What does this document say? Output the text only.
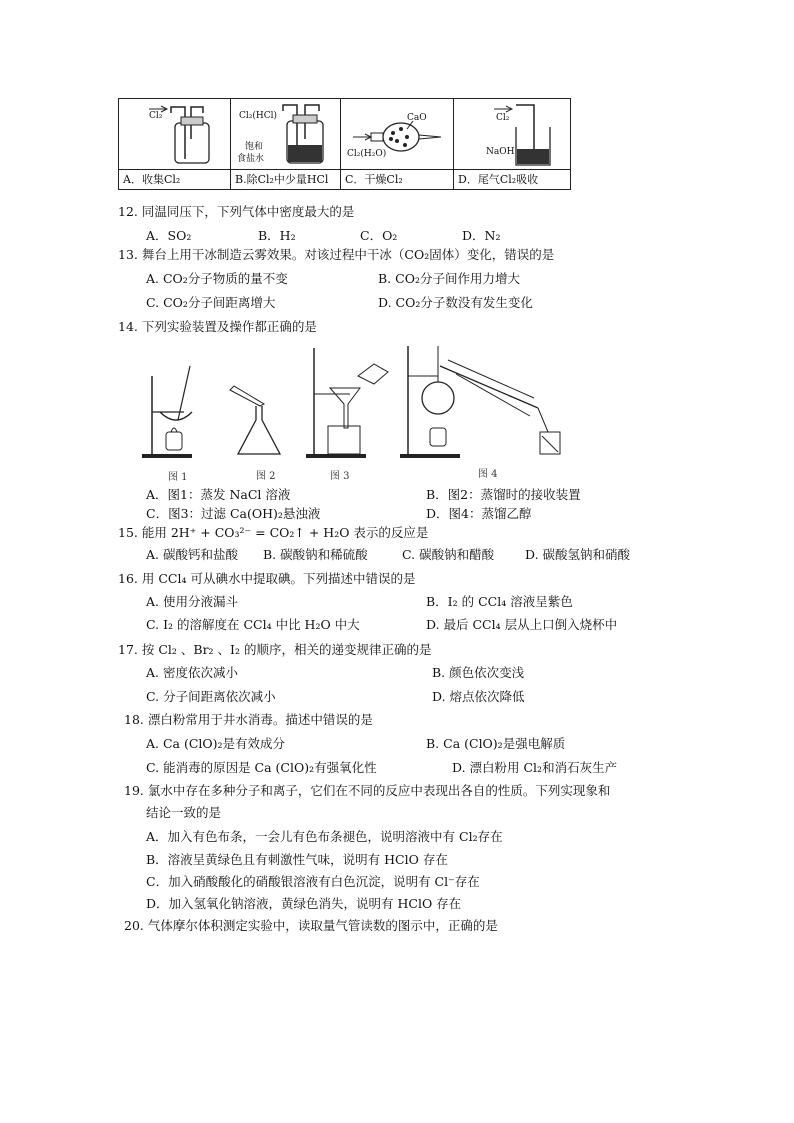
Cl₂
A．收集Cl₂
Cl₂(HCl)
饱和
食盐水
B.除Cl₂中少量HCl
CaO
Cl₂(H₂O)
C．干燥Cl₂
Cl₂
NaOH
D．尾气Cl₂吸收
12. 同温同压下，下列气体中密度最大的是
A．SO₂	B．H₂	C．O₂	D．N₂
13. 舞台上用干冰制造云雾效果。对该过程中干冰（CO₂固体）变化，错误的是
A. CO₂分子物质的量不变	B. CO₂分子间作用力增大
C. CO₂分子间距离增大	D. CO₂分子数没有发生变化
14. 下列实验装置及操作都正确的是
图 1	图 2	图 3	图 4
A．图1：蒸发 NaCl 溶液	B．图2：蒸馏时的接收装置
C．图3：过滤 Ca(OH)₂悬浊液	D．图4：蒸馏乙醇
15. 能用 2H⁺ + CO₃²⁻ = CO₂↑ + H₂O 表示的反应是
A. 碳酸钙和盐酸 B. 碳酸钠和稀硫酸	C. 碳酸钠和醋酸 D. 碳酸氢钠和硝酸
16. 用 CCl₄ 可从碘水中提取碘。下列描述中错误的是
A. 使用分液漏斗	B．I₂ 的 CCl₄ 溶液呈紫色
C. I₂ 的溶解度在 CCl₄ 中比 H₂O 中大	D. 最后 CCl₄ 层从上口倒入烧杯中
17. 按 Cl₂ 、Br₂ 、I₂ 的顺序，相关的递变规律正确的是
A. 密度依次减小	B. 颜色依次变浅
C. 分子间距离依次减小	D. 熔点依次降低
18. 漂白粉常用于井水消毒。描述中错误的是
A. Ca (ClO)₂是有效成分	B. Ca (ClO)₂是强电解质
C. 能消毒的原因是 Ca (ClO)₂有强氧化性	D. 漂白粉用 Cl₂和消石灰生产
19. 氯水中存在多种分子和离子，它们在不同的反应中表现出各自的性质。下列实现象和
结论一致的是
A．加入有色布条，一会儿有色布条褪色，说明溶液中有 Cl₂存在
B．溶液呈黄绿色且有刺激性气味，说明有 HClO 存在
C．加入硝酸酸化的硝酸银溶液有白色沉淀，说明有 Cl⁻存在
D．加入氢氧化钠溶液，黄绿色消失，说明有 HClO 存在
20. 气体摩尔体积测定实验中，读取量气管读数的图示中，正确的是
